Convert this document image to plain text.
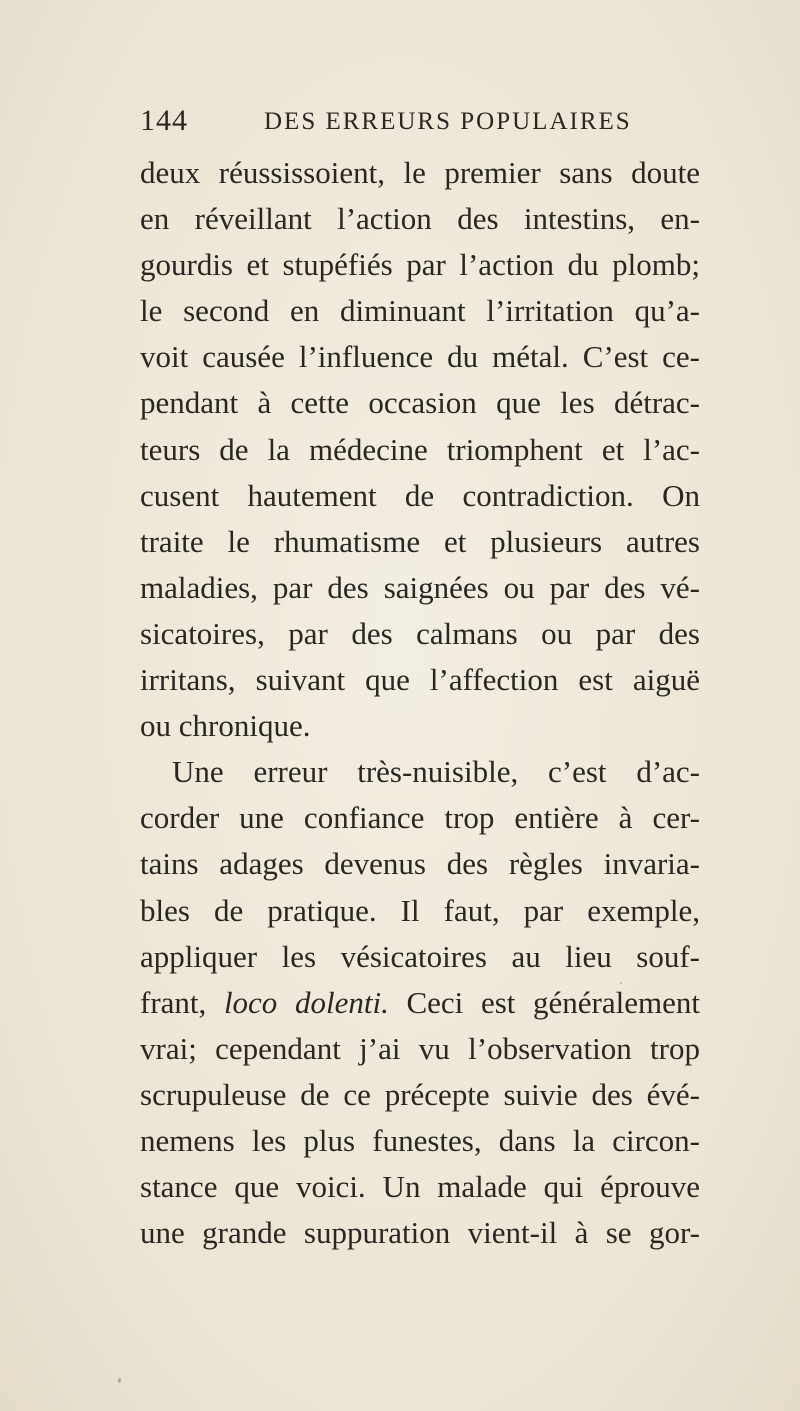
144	DES ERREURS POPULAIRES
deux réussissoient, le premier sans doute
en réveillant l’action des intestins, en-
gourdis et stupéfiés par l’action du plomb;
le second en diminuant l’irritation qu’a-
voit causée l’influence du métal. C’est ce-
pendant à cette occasion que les détrac-
teurs de la médecine triomphent et l’ac-
cusent hautement de contradiction. On
traite le rhumatisme et plusieurs autres
maladies, par des saignées ou par des vé-
sicatoires, par des calmans ou par des
irritans, suivant que l’affection est aiguë
ou chronique.
Une erreur très-nuisible, c’est d’ac-
corder une confiance trop entière à cer-
tains adages devenus des règles invaria-
bles de pratique. Il faut, par exemple,
appliquer les vésicatoires au lieu souf-
frant, loco dolenti. Ceci est généralement
vrai; cependant j’ai vu l’observation trop
scrupuleuse de ce précepte suivie des évé-
nemens les plus funestes, dans la circon-
stance que voici. Un malade qui éprouve
une grande suppuration vient-il à se gor-
